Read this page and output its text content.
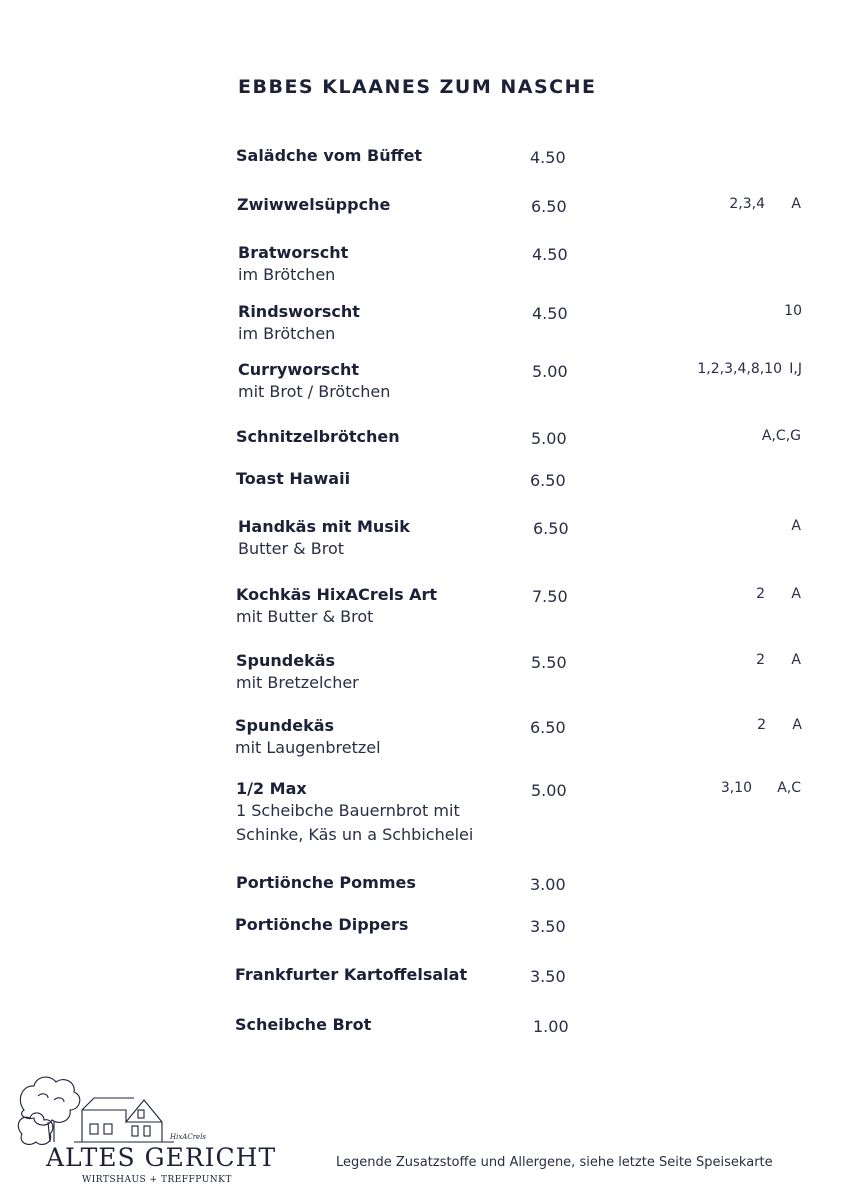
EBBES KLAANES ZUM NASCHE
Salädche vom Büffet	4.50
Zwiwwelsüppche	6.50	2,3,4 A
Bratworscht
im Brötchen
4.50
Rindsworscht
im Brötchen
4.50	10
Curryworscht
mit Brot / Brötchen
5.00	1,2,3,4,8,10 I,J
Schnitzelbrötchen	5.00	A,C,G
Toast Hawaii	6.50
Handkäs mit Musik
Butter & Brot
6.50	A
Kochkäs HixACrels Art
mit Butter & Brot
7.50	2 A
Spundekäs
mit Bretzelcher
5.50	2 A
Spundekäs
mit Laugenbretzel
6.50	2 A
1/2 Max
1 Scheibche Bauernbrot mit
Schinke, Käs un a Schbichelei
5.00	3,10 A,C
Portiönche Pommes	3.00
Portiönche Dippers	3.50
Frankfurter Kartoffelsalat	3.50
Scheibche Brot	1.00
HixACrels
ALTES GERICHT
WIRTSHAUS + TREFFPUNKT
Legende Zusatzstoffe und Allergene, siehe letzte Seite Speisekarte
